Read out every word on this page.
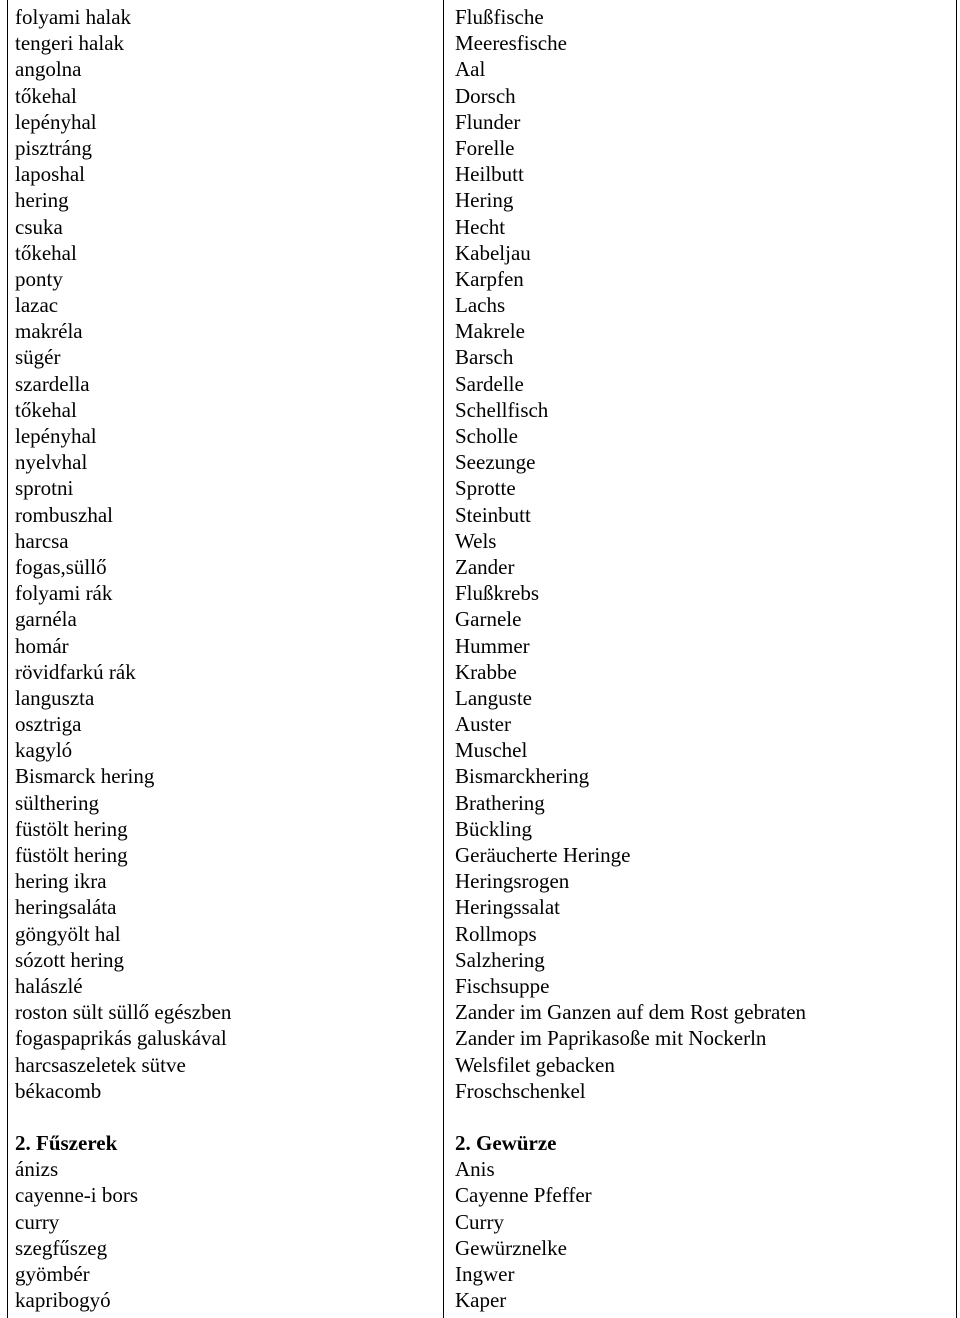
folyami halak
tengeri halak
angolna
tőkehal
lepényhal
pisztráng
laposhal
hering
csuka
tőkehal
ponty
lazac
makréla
sügér
szardella
tőkehal
lepényhal
nyelvhal
sprotni
rombuszhal
harcsa
fogas,süllő
folyami rák
garnéla
homár
rövidfarkú rák
languszta
osztriga
kagyló
Bismarck hering
sülthering
füstölt hering
füstölt hering
hering ikra
heringsaláta
göngyölt hal
sózott hering
halászlé
roston sült süllő egészben
fogaspaprikás galuskával
harcsaszeletek sütve
békacomb
2. Fűszerek
ánizs
cayenne-i bors
curry
szegfűszeg
gyömbér
kapribogyó
Flußfische
Meeresfische
Aal
Dorsch
Flunder
Forelle
Heilbutt
Hering
Hecht
Kabeljau
Karpfen
Lachs
Makrele
Barsch
Sardelle
Schellfisch
Scholle
Seezunge
Sprotte
Steinbutt
Wels
Zander
Flußkrebs
Garnele
Hummer
Krabbe
Languste
Auster
Muschel
Bismarckhering
Brathering
Bückling
Geräucherte Heringe
Heringsrogen
Heringssalat
Rollmops
Salzhering
Fischsuppe
Zander im Ganzen auf dem Rost gebraten
Zander im Paprikasoße mit Nockerln
Welsfilet gebacken
Froschschenkel
2. Gewürze
Anis
Cayenne Pfeffer
Curry
Gewürznelke
Ingwer
Kaper
